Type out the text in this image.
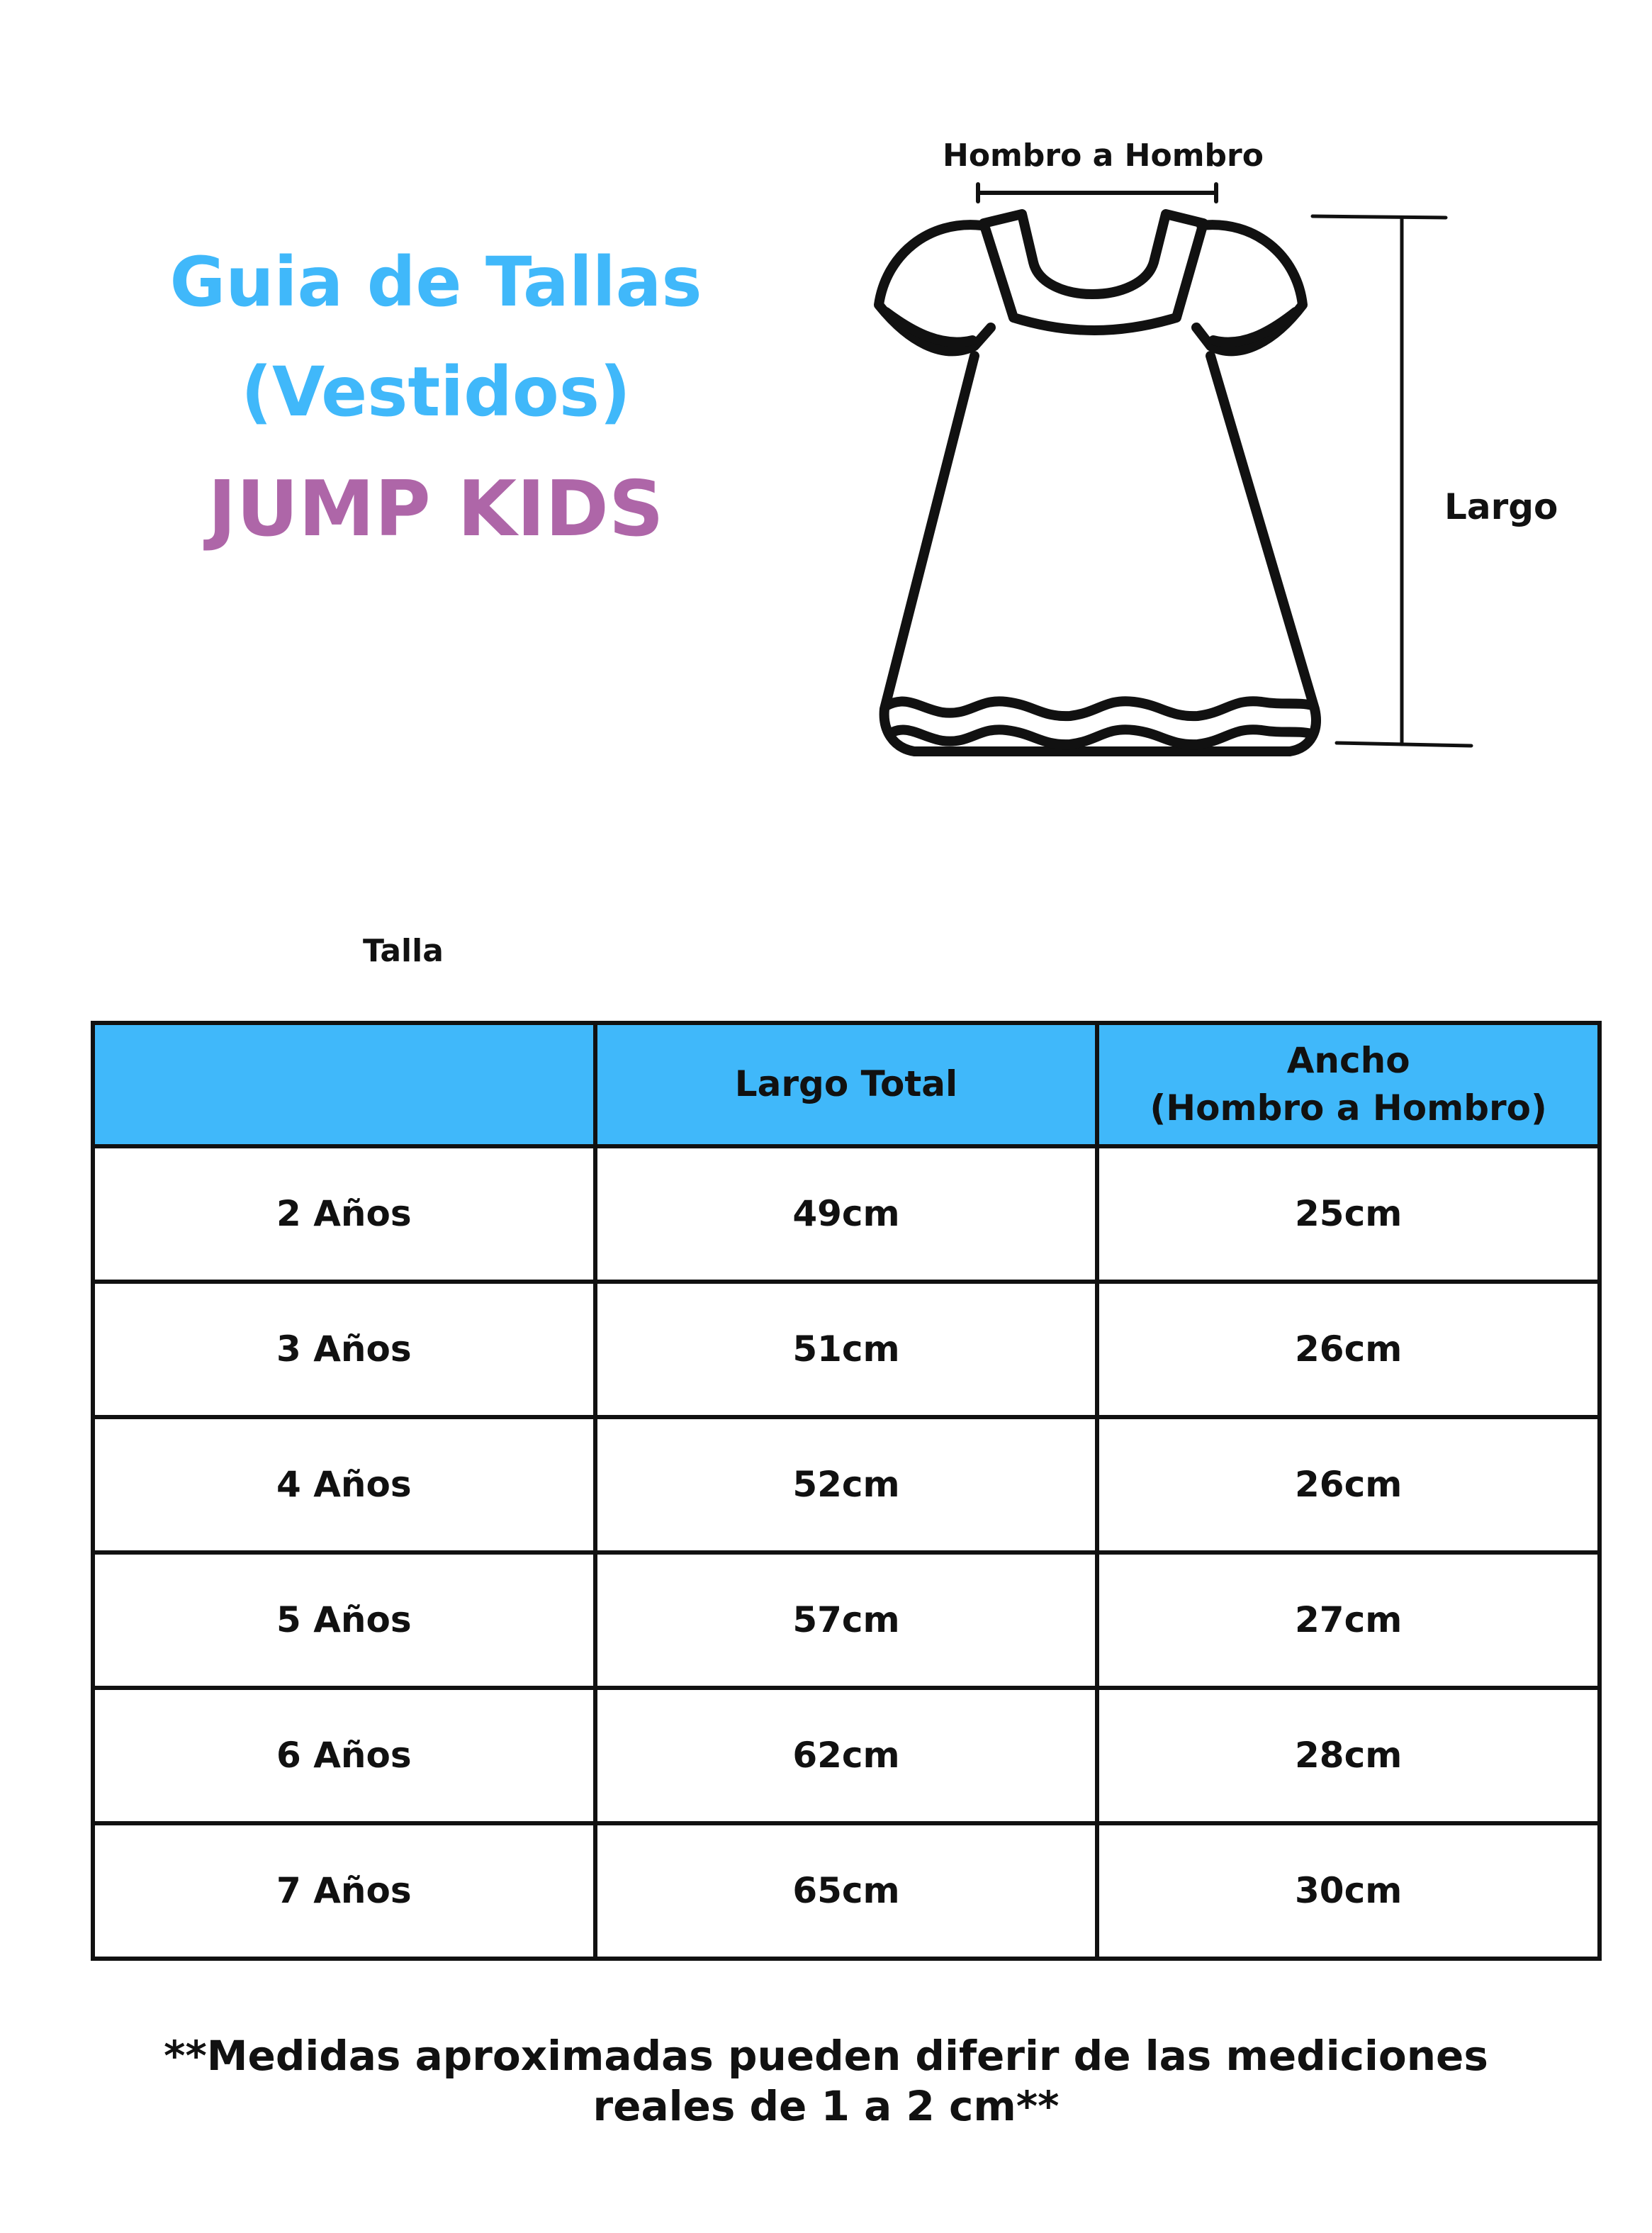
Guia de Tallas
(Vestidos)
JUMP KIDS
Hombro a Hombro
Largo
Talla
	Largo Total	Ancho
(Hombro a Hombro)

2 Años	49cm	25cm
3 Años	51cm	26cm
4 Años	52cm	26cm
5 Años	57cm	27cm
6 Años	62cm	28cm
7 Años	65cm	30cm

**Medidas aproximadas pueden diferir de las mediciones
reales de 1 a 2 cm**
